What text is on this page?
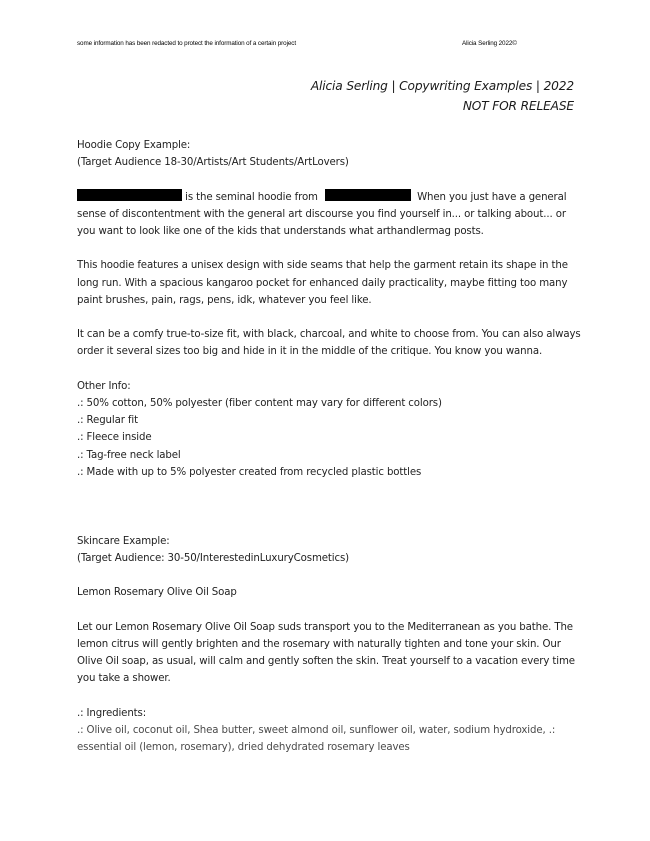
some information has been redacted to protect the information of a certain project	Alicia Serling 2022©
Alicia Serling | Copywriting Examples | 2022
NOT FOR RELEASE

Hoodie Copy Example:

(Target Audience 18-30/Artists/Art Students/ArtLovers)

is the seminal hoodie from	When you just have a general

sense of discontentment with the general art discourse you find yourself in... or talking about... or

you want to look like one of the kids that understands what arthandlermag posts.

This hoodie features a unisex design with side seams that help the garment retain its shape in the

long run. With a spacious kangaroo pocket for enhanced daily practicality, maybe fitting too many

paint brushes, pain, rags, pens, idk, whatever you feel like.

It can be a comfy true-to-size fit, with black, charcoal, and white to choose from. You can also always

order it several sizes too big and hide in it in the middle of the critique. You know you wanna.

Other Info:

.: 50% cotton, 50% polyester (fiber content may vary for different colors)

.: Regular fit

.: Fleece inside

.: Tag-free neck label

.: Made with up to 5% polyester created from recycled plastic bottles

Skincare Example:

(Target Audience: 30-50/InterestedinLuxuryCosmetics)

Lemon Rosemary Olive Oil Soap

Let our Lemon Rosemary Olive Oil Soap suds transport you to the Mediterranean as you bathe. The

lemon citrus will gently brighten and the rosemary with naturally tighten and tone your skin. Our

Olive Oil soap, as usual, will calm and gently soften the skin. Treat yourself to a vacation every time

you take a shower.

.: Ingredients:

.: Olive oil, coconut oil, Shea butter, sweet almond oil, sunflower oil, water, sodium hydroxide, .:

essential oil (lemon, rosemary), dried dehydrated rosemary leaves
